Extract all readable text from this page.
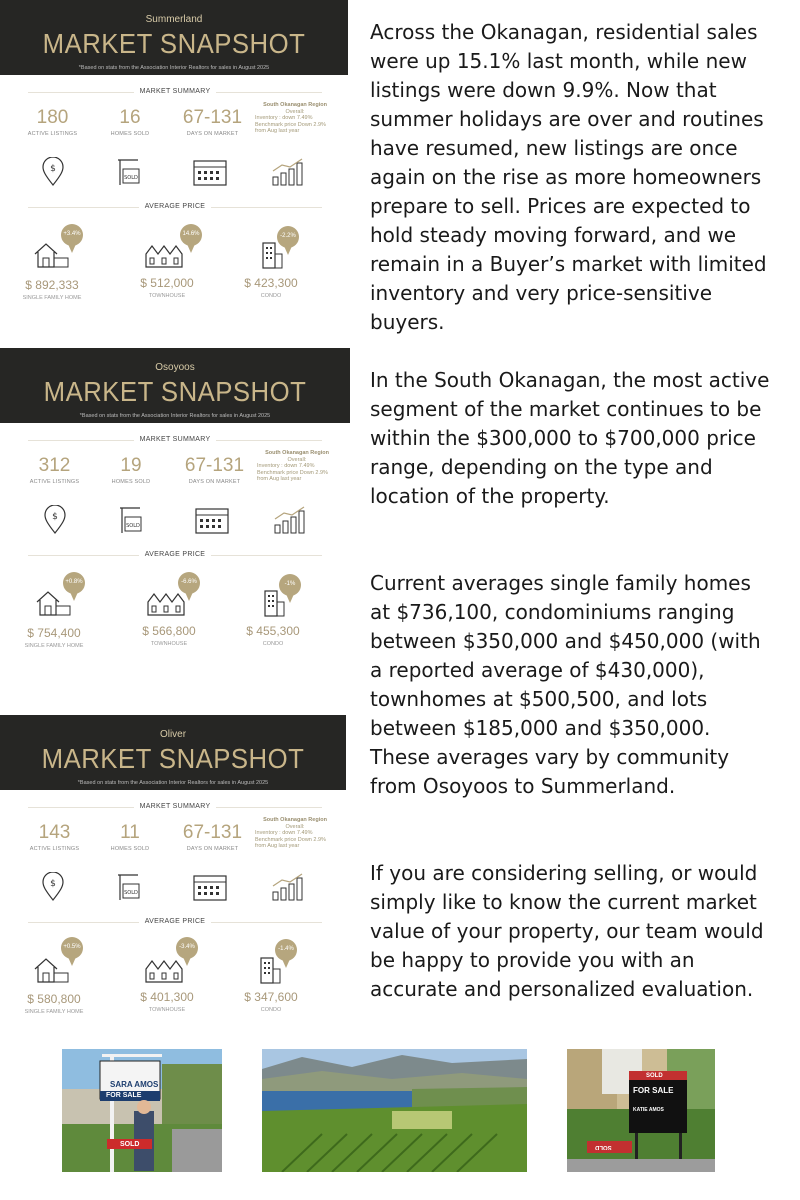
Summerland
MARKET SNAPSHOT
*Based on stats from the Association Interior Realtors for sales in August 2025
MARKET SUMMARY
180
ACTIVE LISTINGS
16
HOMES SOLD
67-131
DAYS ON MARKET
South Okanagan Region
Overall:
Inventory : down 7.49%
Benchmark price Down 2.9%
from Aug last year
$
SOLD
AVERAGE PRICE
+3.4%	14.6%	-2.2%
$ 892,333
SINGLE FAMILY HOME
$ 512,000
TOWNHOUSE
$ 423,300
CONDO
Osoyoos
MARKET SNAPSHOT
*Based on stats from the Association Interior Realtors for sales in August 2025
MARKET SUMMARY
312
ACTIVE LISTINGS
19
HOMES SOLD
67-131
DAYS ON MARKET
South Okanagan Region
Overall:
Inventory : down 7.49%
Benchmark price Down 2.9%
from Aug last year
$
SOLD
AVERAGE PRICE
+0.8%	-6.6%	-1%
$ 754,400
SINGLE FAMILY HOME
$ 566,800
TOWNHOUSE
$ 455,300
CONDO
Oliver
MARKET SNAPSHOT
*Based on stats from the Association Interior Realtors for sales in August 2025
MARKET SUMMARY
143
ACTIVE LISTINGS
11
HOMES SOLD
67-131
DAYS ON MARKET
South Okanagan Region
Overall:
Inventory : down 7.49%
Benchmark price Down 2.9%
from Aug last year
$
SOLD
AVERAGE PRICE
+0.5%	-3.4%	-1.4%
$ 580,800
SINGLE FAMILY HOME
$ 401,300
TOWNHOUSE
$ 347,600
CONDO
Across the Okanagan, residential sales were up 15.1% last month, while new listings were down 9.9%. Now that summer holidays are over and routines have resumed, new listings are once again on the rise as more homeowners prepare to sell. Prices are expected to hold steady moving forward, and we remain in a Buyer’s market with limited inventory and very price-sensitive buyers.
In the South Okanagan, the most active segment of the market continues to be within the $300,000 to $700,000 price range, depending on the type and location of the property.
Current averages single family homes at $736,100, condominiums ranging between $350,000 and $450,000 (with a reported average of $430,000), townhomes at $500,500, and lots between $185,000 and $350,000. These averages vary by community from Osoyoos to Summerland.
If you are considering selling, or would simply like to know the current market value of your property, our team would be happy to provide you with an accurate and personalized evaluation.
SARA AMOS
FOR SALE
SOLD
SOLD
FOR SALE
KATIE AMOS
SOLD
